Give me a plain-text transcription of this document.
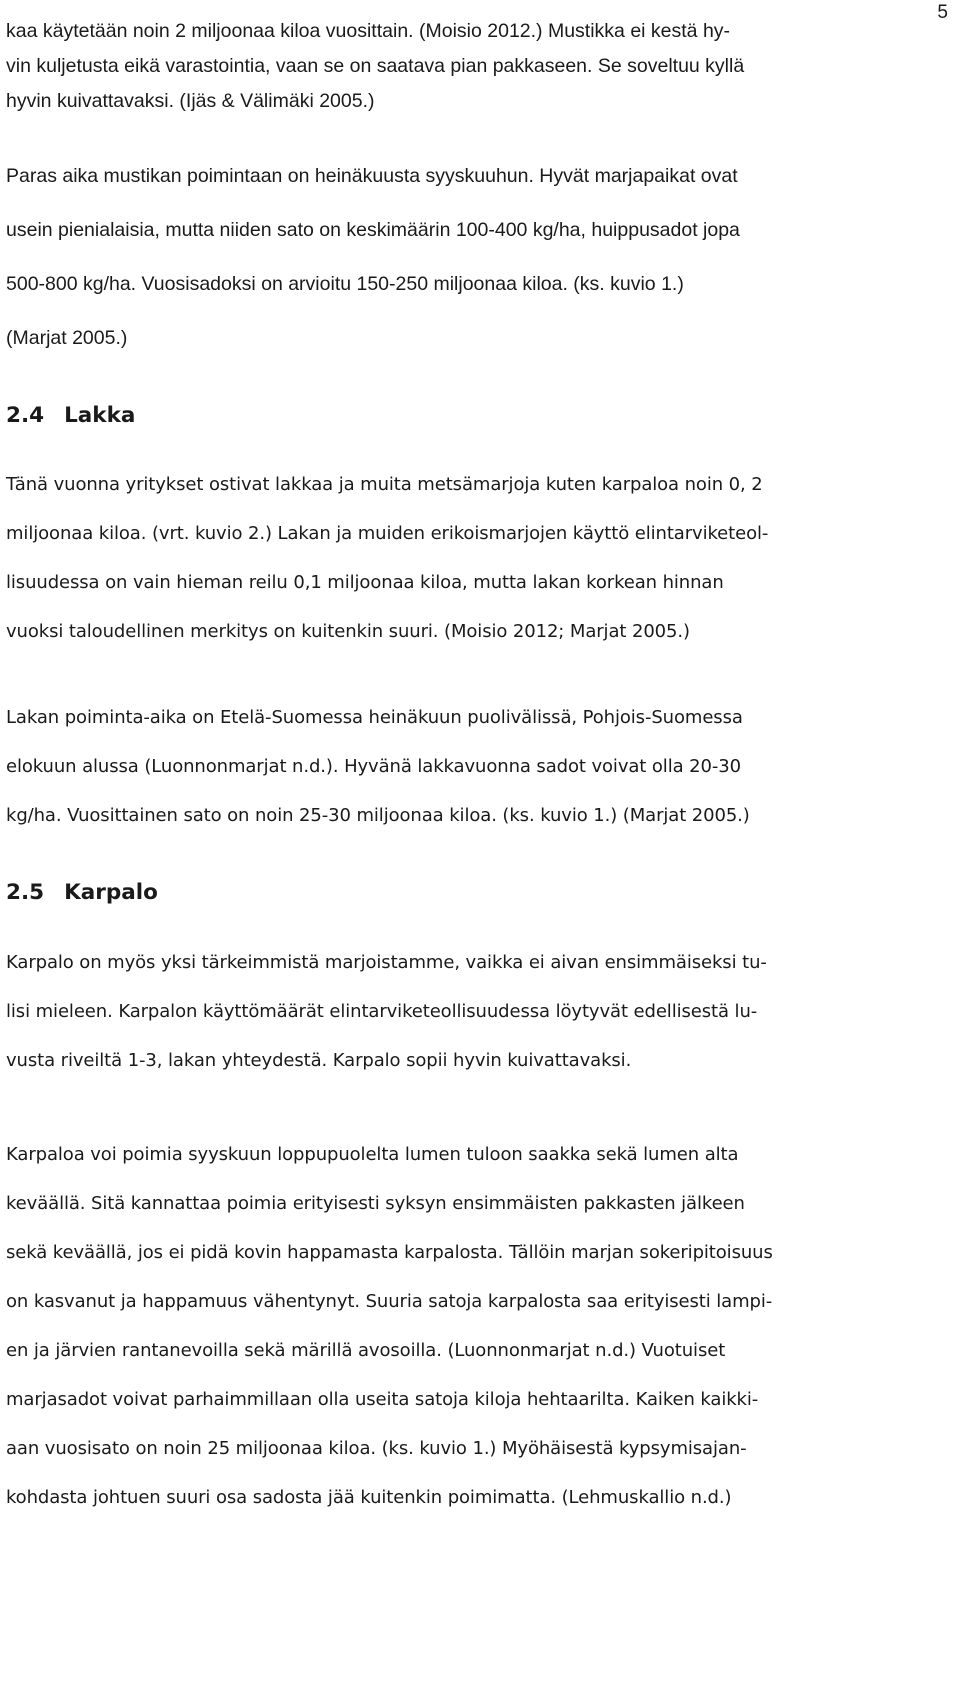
5
kaa käytetään noin 2 miljoonaa kiloa vuosittain. (Moisio 2012.) Mustikka ei kestä hy-
vin kuljetusta eikä varastointia, vaan se on saatava pian pakkaseen. Se soveltuu kyllä
hyvin kuivattavaksi. (Ijäs & Välimäki 2005.)
Paras aika mustikan poimintaan on heinäkuusta syyskuuhun. Hyvät marjapaikat ovat
usein pienialaisia, mutta niiden sato on keskimäärin 100-400 kg/ha, huippusadot jopa
500-800 kg/ha. Vuosisadoksi on arvioitu 150-250 miljoonaa kiloa. (ks. kuvio 1.)
(Marjat 2005.)
2.4 Lakka
Tänä vuonna yritykset ostivat lakkaa ja muita metsämarjoja kuten karpaloa noin 0, 2
miljoonaa kiloa. (vrt. kuvio 2.) Lakan ja muiden erikoismarjojen käyttö elintarviketeol-
lisuudessa on vain hieman reilu 0,1 miljoonaa kiloa, mutta lakan korkean hinnan
vuoksi taloudellinen merkitys on kuitenkin suuri. (Moisio 2012; Marjat 2005.)
Lakan poiminta-aika on Etelä-Suomessa heinäkuun puolivälissä, Pohjois-Suomessa
elokuun alussa (Luonnonmarjat n.d.). Hyvänä lakkavuonna sadot voivat olla 20-30
kg/ha. Vuosittainen sato on noin 25-30 miljoonaa kiloa. (ks. kuvio 1.) (Marjat 2005.)
2.5 Karpalo
Karpalo on myös yksi tärkeimmistä marjoistamme, vaikka ei aivan ensimmäiseksi tu-
lisi mieleen. Karpalon käyttömäärät elintarviketeollisuudessa löytyvät edellisestä lu-
vusta riveiltä 1-3, lakan yhteydestä. Karpalo sopii hyvin kuivattavaksi.
Karpaloa voi poimia syyskuun loppupuolelta lumen tuloon saakka sekä lumen alta
keväällä. Sitä kannattaa poimia erityisesti syksyn ensimmäisten pakkasten jälkeen
sekä keväällä, jos ei pidä kovin happamasta karpalosta. Tällöin marjan sokeripitoisuus
on kasvanut ja happamuus vähentynyt. Suuria satoja karpalosta saa erityisesti lampi-
en ja järvien rantanevoilla sekä märillä avosoilla. (Luonnonmarjat n.d.) Vuotuiset
marjasadot voivat parhaimmillaan olla useita satoja kiloja hehtaarilta. Kaiken kaikki-
aan vuosisato on noin 25 miljoonaa kiloa. (ks. kuvio 1.) Myöhäisestä kypsymisajan-
kohdasta johtuen suuri osa sadosta jää kuitenkin poimimatta. (Lehmuskallio n.d.)
